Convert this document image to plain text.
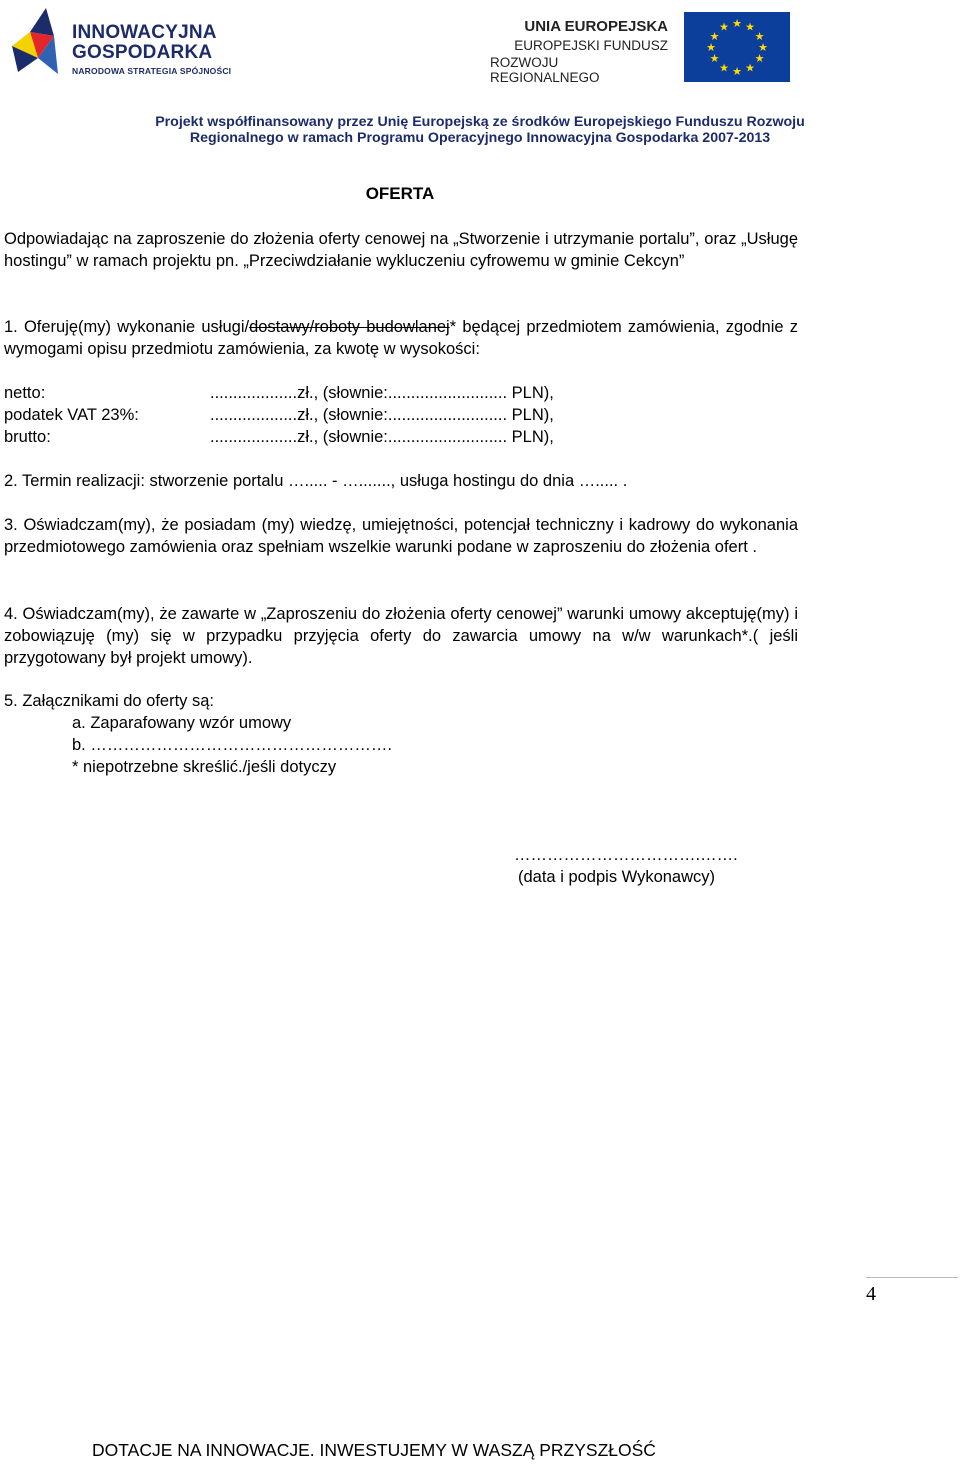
INNOWACYJNA
GOSPODARKA
NARODOWA STRATEGIA SPÓJNOŚCI
UNIA EUROPEJSKA
EUROPEJSKI FUNDUSZ
ROZWOJU REGIONALNEGO
★ ★
★
★
★
★
★
★
★
★
★
★
Projekt współfinansowany przez Unię Europejską ze środków Europejskiego Funduszu Rozwoju
Regionalnego w ramach Programu Operacyjnego Innowacyjna Gospodarka 2007-2013
OFERTA
Odpowiadając na zaproszenie do złożenia oferty cenowej na „Stworzenie i utrzymanie portalu”, oraz „Usługę hostingu” w ramach projektu pn. „Przeciwdziałanie wykluczeniu cyfrowemu w gminie Cekcyn”
1. Oferuję(my) wykonanie usługi/dostawy/roboty budowlanej* będącej przedmiotem zamówienia, zgodnie z wymogami opisu przedmiotu zamówienia, za kwotę w wysokości:
netto:	...................zł., (słownie:.......................... PLN),
podatek VAT 23%:	...................zł., (słownie:.......................... PLN),
brutto:	...................zł., (słownie:.......................... PLN),
2. Termin realizacji: stworzenie portalu …..... - …......., usługa hostingu do dnia …..... .
3. Oświadczam(my), że posiadam (my) wiedzę, umiejętności, potencjał techniczny i kadrowy do wykonania przedmiotowego zamówienia oraz spełniam wszelkie warunki podane w zaproszeniu do złożenia ofert .
4. Oświadczam(my), że zawarte w „Zaproszeniu do złożenia oferty cenowej” warunki umowy akceptuję(my) i zobowiązuję (my) się w przypadku przyjęcia oferty do zawarcia umowy na w/w warunkach*.( jeśli przygotowany był projekt umowy).
5. Załącznikami do oferty są:
a. Zaparafowany wzór umowy
b. ……………………………………………….
* niepotrzebne skreślić./jeśli dotyczy
…………………………….…….
(data i podpis Wykonawcy)
4
DOTACJE NA INNOWACJE. INWESTUJEMY W WASZĄ PRZYSZŁOŚĆ
